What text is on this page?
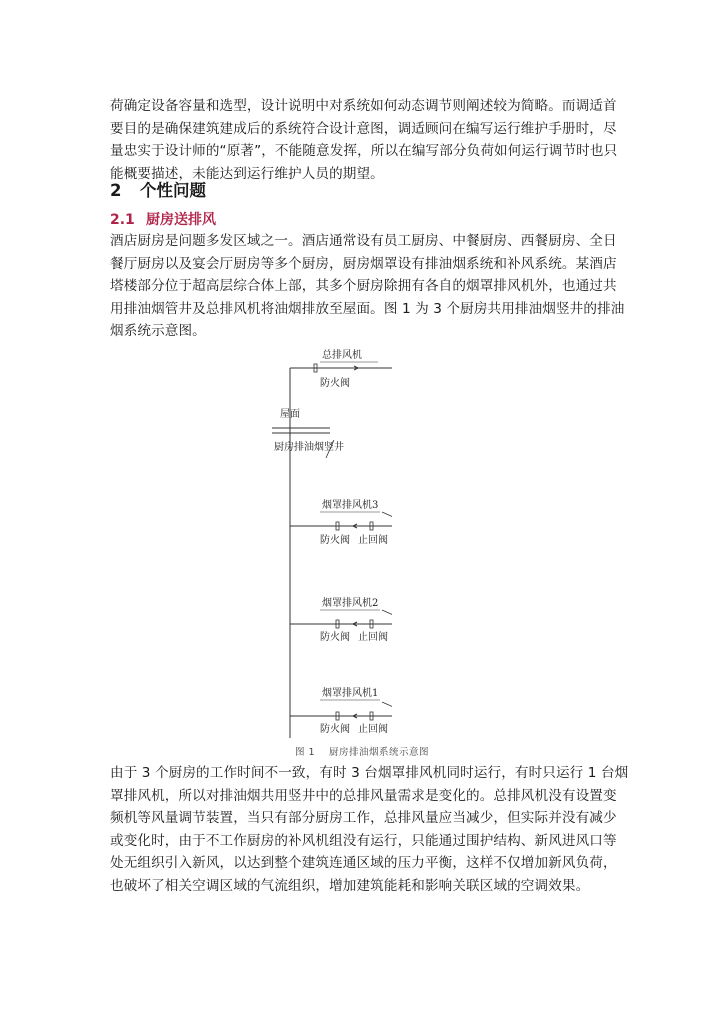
荷确定设备容量和选型，设计说明中对系统如何动态调节则阐述较为简略。而调适首要目的是确保建筑建成后的系统符合设计意图，调适顾问在编写运行维护手册时，尽量忠实于设计师的“原著”，不能随意发挥，所以在编写部分负荷如何运行调节时也只能概要描述，未能达到运行维护人员的期望。

2 个性问题
2.1 厨房送排风

酒店厨房是问题多发区域之一。酒店通常设有员工厨房、中餐厨房、西餐厨房、全日餐厅厨房以及宴会厅厨房等多个厨房，厨房烟罩设有排油烟系统和补风系统。某酒店塔楼部分位于超高层综合体上部，其多个厨房除拥有各自的烟罩排风机外，也通过共用排油烟管井及总排风机将油烟排放至屋面。图 1 为 3 个厨房共用排油烟竖井的排油烟系统示意图。

总排风机
防火阀
屋面
厨房排油烟竖井
烟罩排风机3
防火阀 止回阀
烟罩排风机2
防火阀 止回阀
烟罩排风机1
防火阀 止回阀

图 1 厨房排油烟系统示意图

由于 3 个厨房的工作时间不一致，有时 3 台烟罩排风机同时运行，有时只运行 1 台烟罩排风机，所以对排油烟共用竖井中的总排风量需求是变化的。总排风机没有设置变频机等风量调节装置，当只有部分厨房工作，总排风量应当减少，但实际并没有减少或变化时，由于不工作厨房的补风机组没有运行，只能通过围护结构、新风进风口等处无组织引入新风，以达到整个建筑连通区域的压力平衡，这样不仅增加新风负荷，也破坏了相关空调区域的气流组织，增加建筑能耗和影响关联区域的空调效果。
